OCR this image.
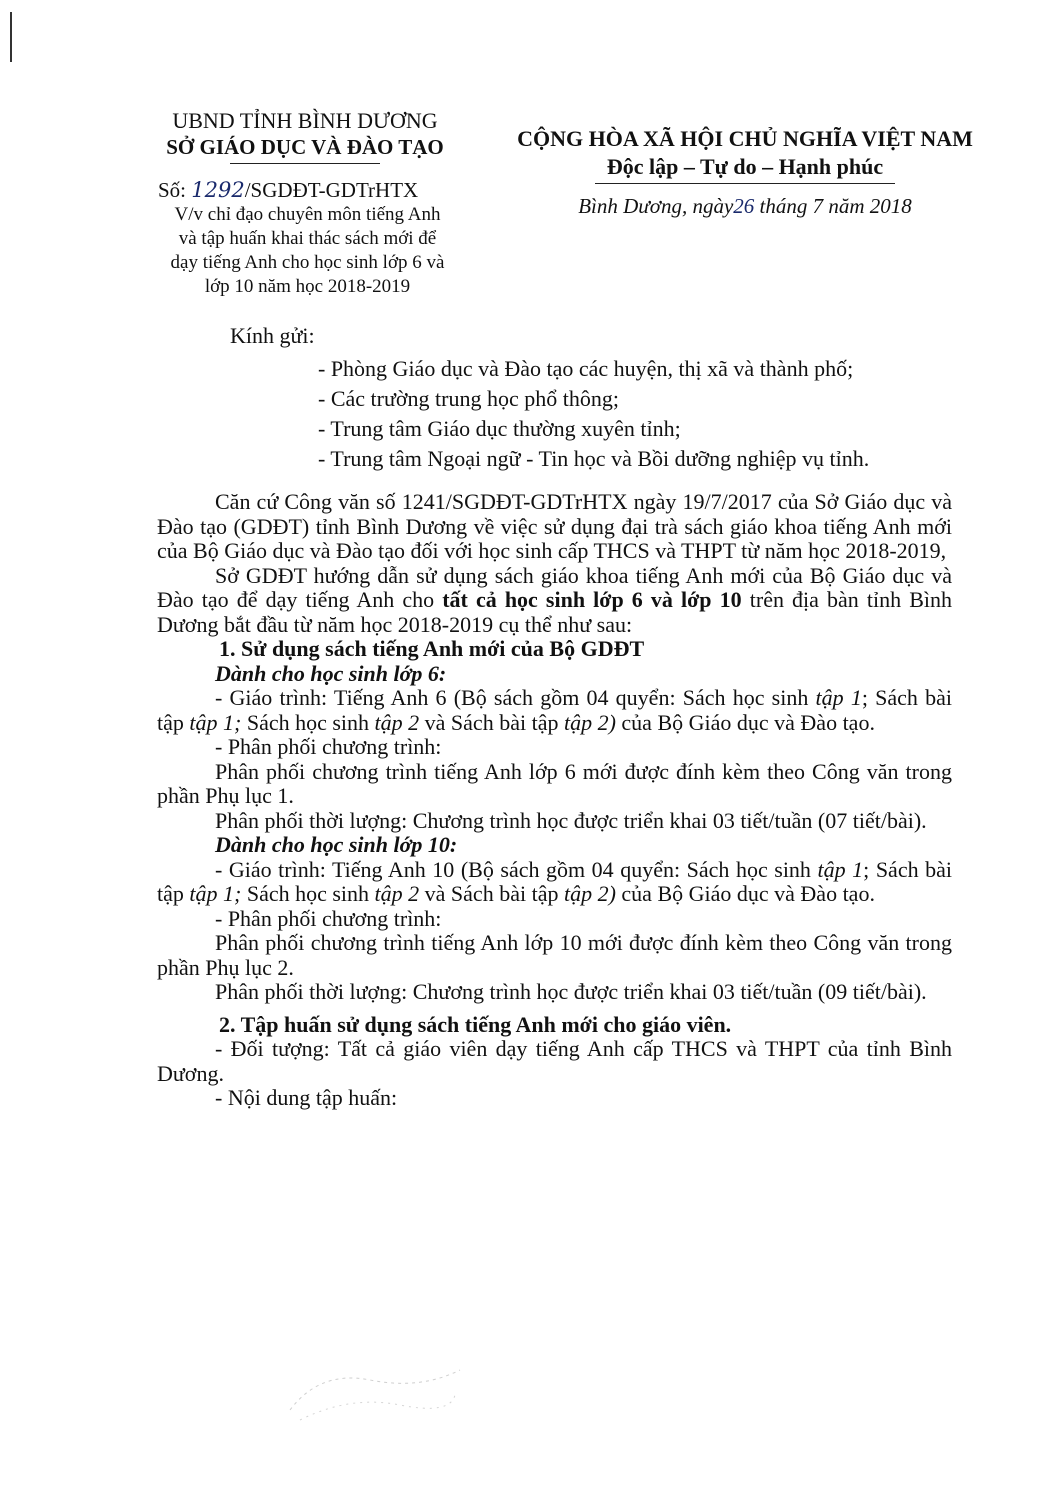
UBND TỈNH BÌNH DƯƠNG
SỞ GIÁO DỤC VÀ ĐÀO TẠO	CỘNG HÒA XÃ HỘI CHỦ NGHĨA VIỆT NAM
Độc lập – Tự do – Hạnh phúc
Bình Dương, ngày26 tháng 7 năm 2018
Số: 1292/SGDĐT-GDTrHTX
V/v chỉ đạo chuyên môn tiếng Anh
và tập huấn khai thác sách mới để
dạy tiếng Anh cho học sinh lớp 6 và
lớp 10 năm học 2018-2019
Kính gửi:
- Phòng Giáo dục và Đào tạo các huyện, thị xã và thành phố;
- Các trường trung học phổ thông;
- Trung tâm Giáo dục thường xuyên tỉnh;
- Trung tâm Ngoại ngữ - Tin học và Bồi dưỡng nghiệp vụ tỉnh.

Căn cứ Công văn số 1241/SGDĐT-GDTrHTX ngày 19/7/2017 của Sở Giáo dục và Đào tạo (GDĐT) tỉnh Bình Dương về việc sử dụng đại trà sách giáo khoa tiếng Anh mới của Bộ Giáo dục và Đào tạo đối với học sinh cấp THCS và THPT từ năm học 2018-2019,

Sở GDĐT hướng dẫn sử dụng sách giáo khoa tiếng Anh mới của Bộ Giáo dục và Đào tạo để dạy tiếng Anh cho tất cả học sinh lớp 6 và lớp 10 trên địa bàn tỉnh Bình Dương bắt đầu từ năm học 2018-2019 cụ thể như sau:

1. Sử dụng sách tiếng Anh mới của Bộ GDĐT

Dành cho học sinh lớp 6:

- Giáo trình: Tiếng Anh 6 (Bộ sách gồm 04 quyển: Sách học sinh tập 1; Sách bài tập tập 1; Sách học sinh tập 2 và Sách bài tập tập 2) của Bộ Giáo dục và Đào tạo.

- Phân phối chương trình:

Phân phối chương trình tiếng Anh lớp 6 mới được đính kèm theo Công văn trong phần Phụ lục 1.

Phân phối thời lượng: Chương trình học được triển khai 03 tiết/tuần (07 tiết/bài).

Dành cho học sinh lớp 10:

- Giáo trình: Tiếng Anh 10 (Bộ sách gồm 04 quyển: Sách học sinh tập 1; Sách bài tập tập 1; Sách học sinh tập 2 và Sách bài tập tập 2) của Bộ Giáo dục và Đào tạo.

- Phân phối chương trình:

Phân phối chương trình tiếng Anh lớp 10 mới được đính kèm theo Công văn trong phần Phụ lục 2.

Phân phối thời lượng: Chương trình học được triển khai 03 tiết/tuần (09 tiết/bài).

2. Tập huấn sử dụng sách tiếng Anh mới cho giáo viên.

- Đối tượng: Tất cả giáo viên dạy tiếng Anh cấp THCS và THPT của tỉnh Bình Dương.

- Nội dung tập huấn:
